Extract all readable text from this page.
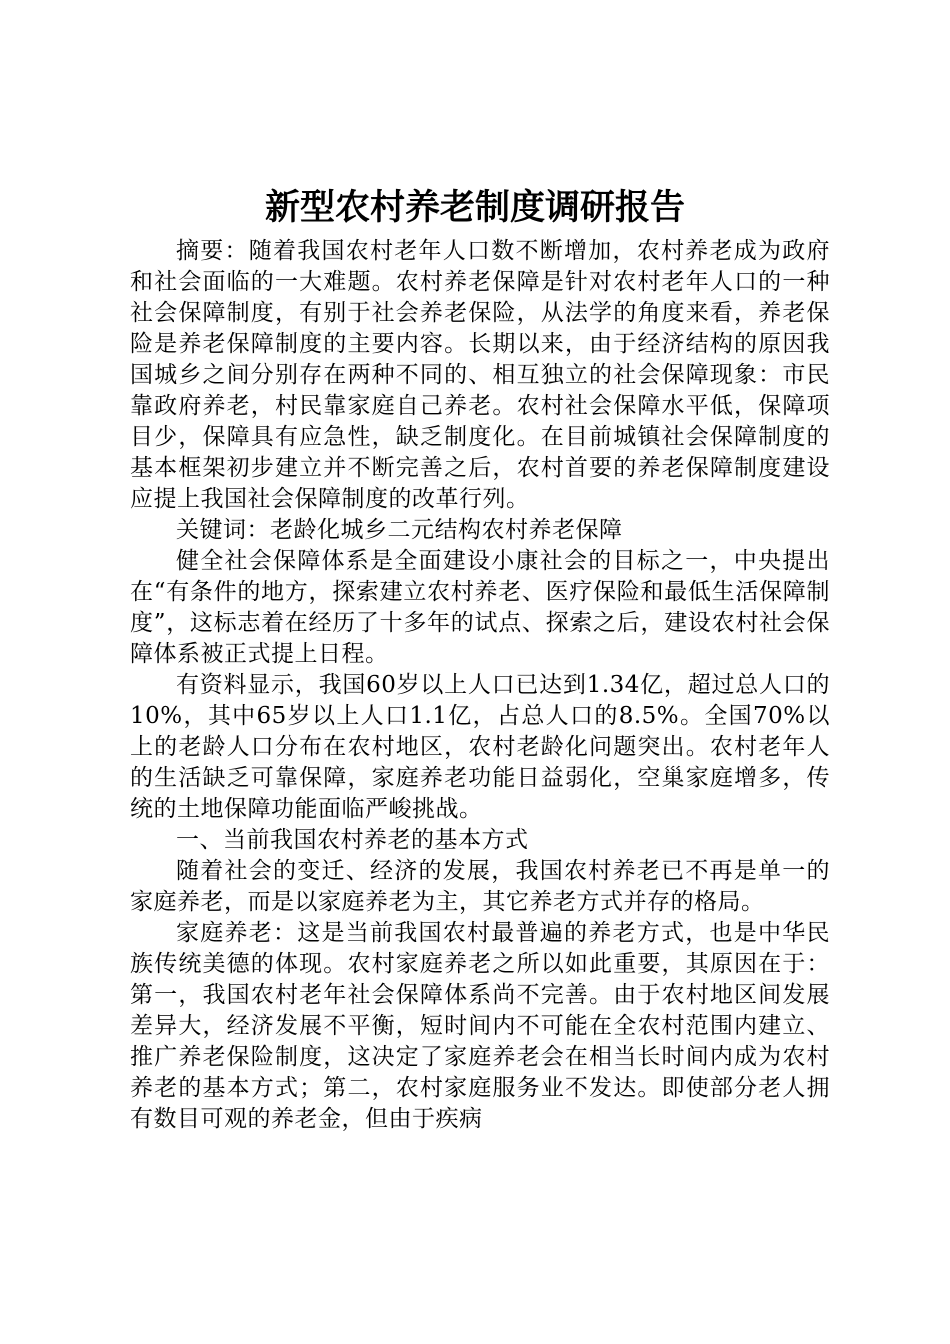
新型农村养老制度调研报告

摘要：随着我国农村老年人口数不断增加，农村养老成为政府和社会面临的一大难题。农村养老保障是针对农村老年人口的一种社会保障制度，有别于社会养老保险，从法学的角度来看，养老保险是养老保障制度的主要内容。长期以来，由于经济结构的原因我国城乡之间分别存在两种不同的、相互独立的社会保障现象：市民靠政府养老，村民靠家庭自己养老。农村社会保障水平低，保障项目少，保障具有应急性，缺乏制度化。在目前城镇社会保障制度的基本框架初步建立并不断完善之后，农村首要的养老保障制度建设应提上我国社会保障制度的改革行列。

关键词：老龄化城乡二元结构农村养老保障

健全社会保障体系是全面建设小康社会的目标之一，中央提出在“有条件的地方，探索建立农村养老、医疗保险和最低生活保障制度”，这标志着在经历了十多年的试点、探索之后，建设农村社会保障体系被正式提上日程。

有资料显示，我国60岁以上人口已达到1.34亿，超过总人口的10%，其中65岁以上人口1.1亿，占总人口的8.5%。全国70%以上的老龄人口分布在农村地区，农村老龄化问题突出。农村老年人的生活缺乏可靠保障，家庭养老功能日益弱化，空巢家庭增多，传统的土地保障功能面临严峻挑战。

一、当前我国农村养老的基本方式

随着社会的变迁、经济的发展，我国农村养老已不再是单一的家庭养老，而是以家庭养老为主，其它养老方式并存的格局。

家庭养老：这是当前我国农村最普遍的养老方式，也是中华民族传统美德的体现。农村家庭养老之所以如此重要，其原因在于：第一，我国农村老年社会保障体系尚不完善。由于农村地区间发展差异大，经济发展不平衡，短时间内不可能在全农村范围内建立、推广养老保险制度，这决定了家庭养老会在相当长时间内成为农村养老的基本方式；第二，农村家庭服务业不发达。即使部分老人拥有数目可观的养老金，但由于疾病
